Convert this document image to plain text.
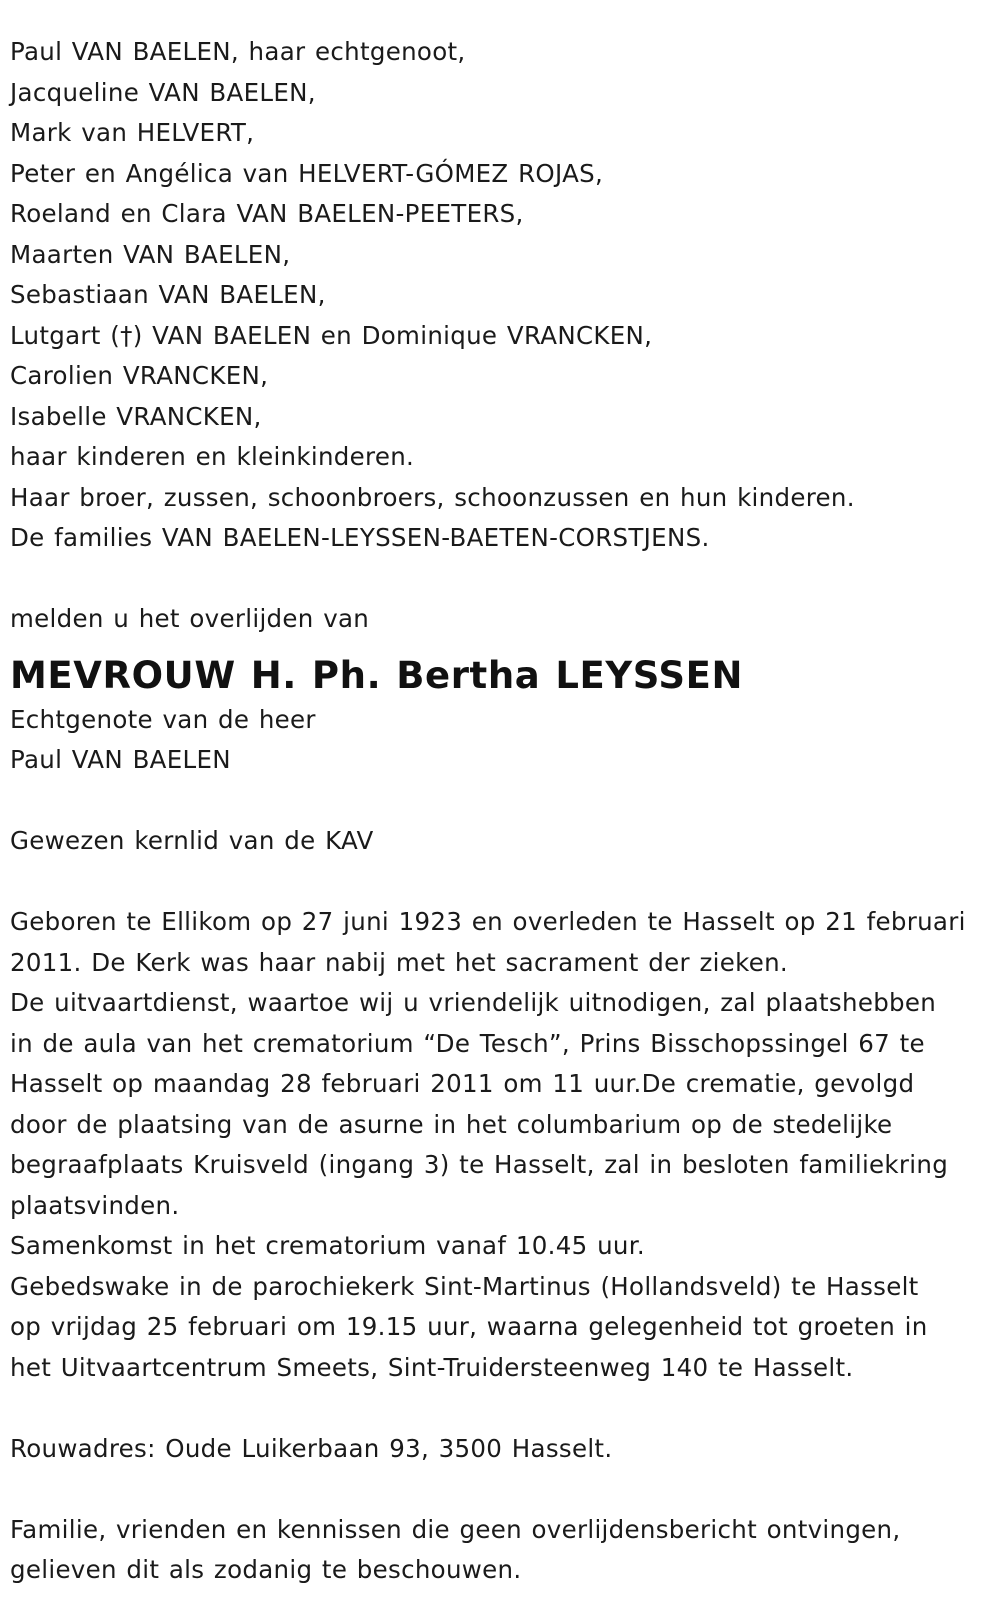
Paul VAN BAELEN, haar echtgenoot,
Jacqueline VAN BAELEN,
Mark van HELVERT,
Peter en Angélica van HELVERT-GÓMEZ ROJAS,
Roeland en Clara VAN BAELEN-PEETERS,
Maarten VAN BAELEN,
Sebastiaan VAN BAELEN,
Lutgart (†) VAN BAELEN en Dominique VRANCKEN,
Carolien VRANCKEN,
Isabelle VRANCKEN,
haar kinderen en kleinkinderen.
Haar broer, zussen, schoonbroers, schoonzussen en hun kinderen.
De families VAN BAELEN-LEYSSEN-BAETEN-CORSTJENS.
melden u het overlijden van
MEVROUW H. Ph. Bertha LEYSSEN
Echtgenote van de heer
Paul VAN BAELEN
Gewezen kernlid van de KAV
Geboren te Ellikom op 27 juni 1923 en overleden te Hasselt op 21 februari
2011. De Kerk was haar nabij met het sacrament der zieken.
De uitvaartdienst, waartoe wij u vriendelijk uitnodigen, zal plaatshebben
in de aula van het crematorium “De Tesch”, Prins Bisschopssingel 67 te
Hasselt op maandag 28 februari 2011 om 11 uur.De crematie, gevolgd
door de plaatsing van de asurne in het columbarium op de stedelijke
begraafplaats Kruisveld (ingang 3) te Hasselt, zal in besloten familiekring
plaatsvinden.
Samenkomst in het crematorium vanaf 10.45 uur.
Gebedswake in de parochiekerk Sint-Martinus (Hollandsveld) te Hasselt
op vrijdag 25 februari om 19.15 uur, waarna gelegenheid tot groeten in
het Uitvaartcentrum Smeets, Sint-Truidersteenweg 140 te Hasselt.
Rouwadres: Oude Luikerbaan 93, 3500 Hasselt.
Familie, vrienden en kennissen die geen overlijdensbericht ontvingen,
gelieven dit als zodanig te beschouwen.
